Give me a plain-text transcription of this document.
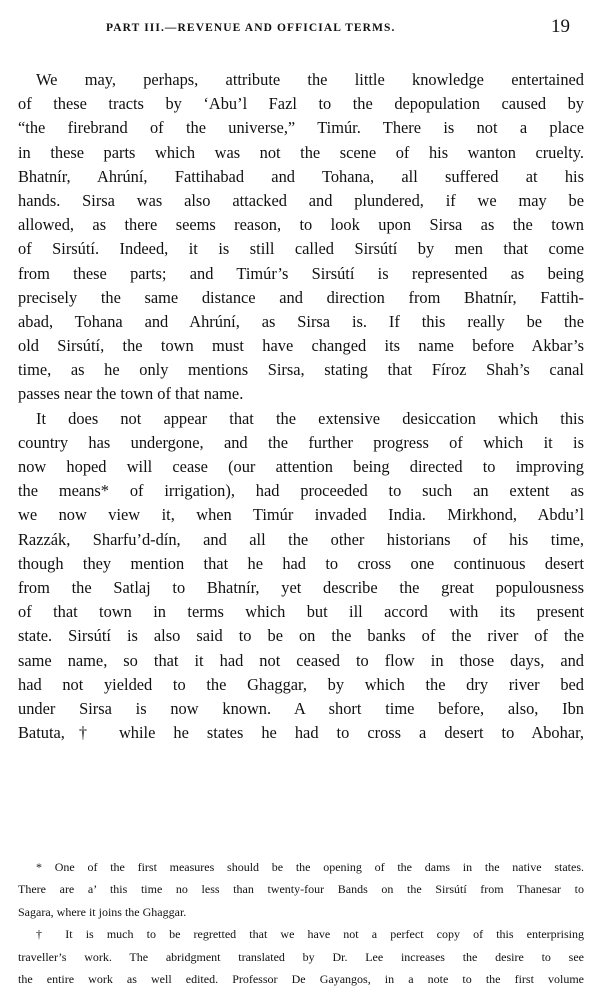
PART III.—REVENUE AND OFFICIAL TERMS.	19
We may, perhaps, attribute the little knowledge entertained
of these tracts by ʻAbu’l Fazl to the depopulation caused by
“the firebrand of the universe,” Timúr. There is not a place
in these parts which was not the scene of his wanton cruelty.
Bhatnír, Ahrúní, Fattihabad and Tohana, all suffered at his
hands. Sirsa was also attacked and plundered, if we may be
allowed, as there seems reason, to look upon Sirsa as the town
of Sirsútí. Indeed, it is still called Sirsútí by men that come
from these parts; and Timúr’s Sirsútí is represented as being
precisely the same distance and direction from Bhatnír, Fattih-
abad, Tohana and Ahrúní, as Sirsa is. If this really be the
old Sirsútí, the town must have changed its name before Akbar’s
time, as he only mentions Sirsa, stating that Fíroz Shah’s canal
passes near the town of that name.
It does not appear that the extensive desiccation which this
country has undergone, and the further progress of which it is
now hoped will cease (our attention being directed to improving
the means* of irrigation), had proceeded to such an extent as
we now view it, when Timúr invaded India. Mirkhond, Abdu’l
Razzák, Sharfu’d-dín, and all the other historians of his time,
though they mention that he had to cross one continuous desert
from the Satlaj to Bhatnír, yet describe the great populousness
of that town in terms which but ill accord with its present
state. Sirsútí is also said to be on the banks of the river of the
same name, so that it had not ceased to flow in those days, and
had not yielded to the Ghaggar, by which the dry river bed
under Sirsa is now known. A short time before, also, Ibn
Batuta,† while he states he had to cross a desert to Abohar,
* One of the first measures should be the opening of the dams in the native states.
There are a’ this time no less than twenty-four Bands on the Sirsútí from Thanesar to
Sagara, where it joins the Ghaggar.
† It is much to be regretted that we have not a perfect copy of this enterprising
traveller’s work. The abridgment translated by Dr. Lee increases the desire to see
the entire work as well edited. Professor De Gayangos, in a note to the first volume
